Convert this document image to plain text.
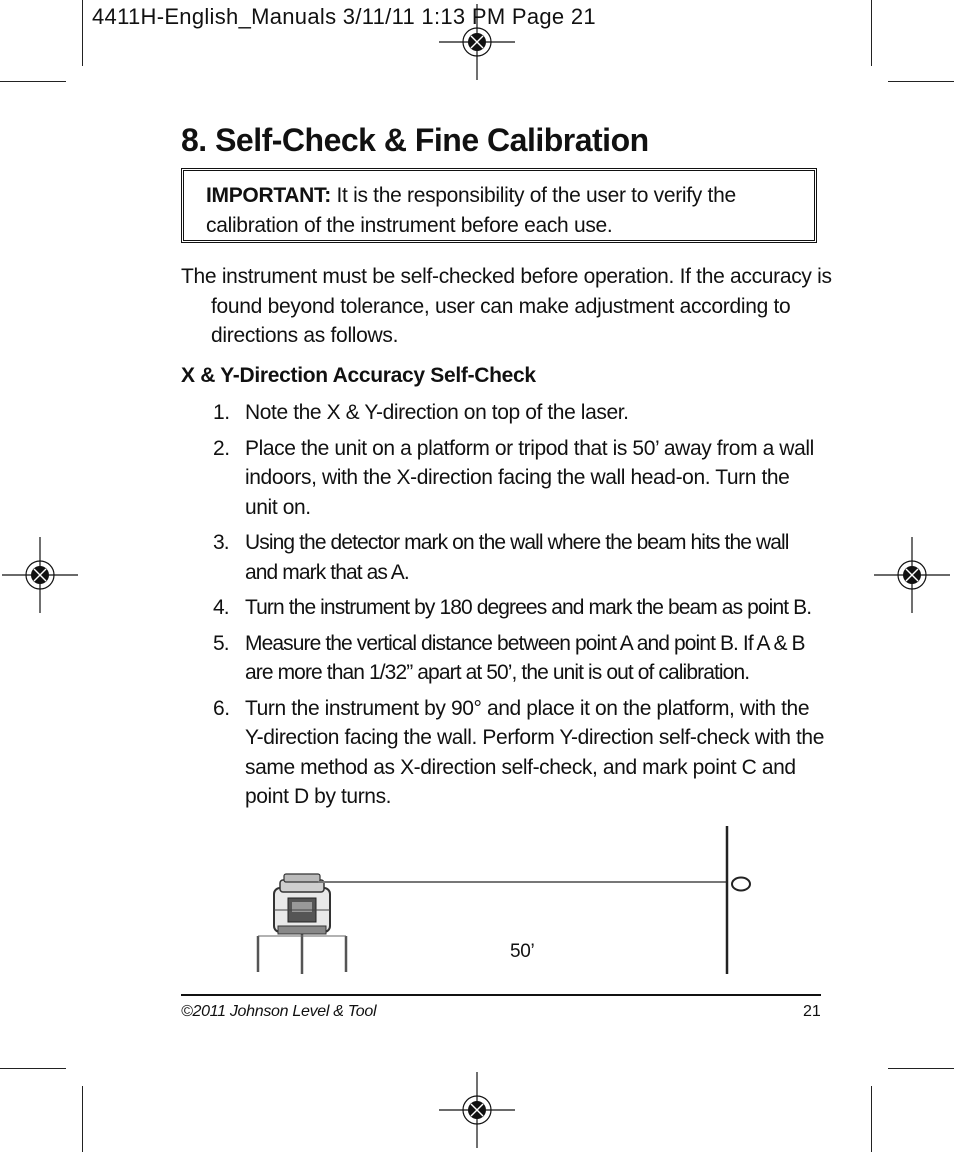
4411H-English_Manuals 3/11/11 1:13 PM Page 21
8. Self-Check & Fine Calibration
IMPORTANT: It is the responsibility of the user to verify the calibration of the instrument before each use.
The instrument must be self-checked before operation. If the accuracy is found beyond tolerance, user can make adjustment according to directions as follows.
X & Y-Direction Accuracy Self-Check
1. Note the X & Y-direction on top of the laser.
2. Place the unit on a platform or tripod that is 50’ away from a wall indoors, with the X-direction facing the wall head-on. Turn the unit on.
3. Using the detector mark on the wall where the beam hits the wall and mark that as A.
4. Turn the instrument by 180 degrees and mark the beam as point B.
5. Measure the vertical distance between point A and point B. If A & B are more than 1/32” apart at 50’, the unit is out of calibration.
6. Turn the instrument by 90° and place it on the platform, with the Y-direction facing the wall. Perform Y-direction self-check with the same method as X-direction self-check, and mark point C and point D by turns.
50’
©2011 Johnson Level & Tool	21
